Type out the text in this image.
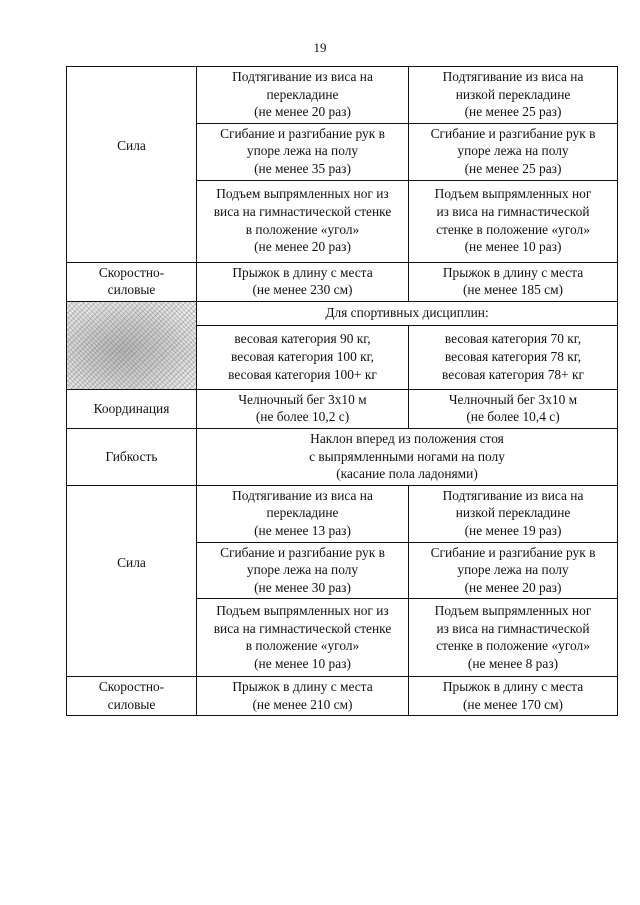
19
Сила	Подтягивание из виса на
перекладине
(не менее 20 раз)	Подтягивание из виса на
низкой перекладине
(не менее 25 раз)

	Сгибание и разгибание рук в
упоре лежа на полу
(не менее 35 раз)	Сгибание и разгибание рук в
упоре лежа на полу
(не менее 25 раз)

	Подъем выпрямленных ног из
виса на гимнастической стенке
в положение «угол»
(не менее 20 раз)	Подъем выпрямленных ног
из виса на гимнастической
стенке в положение «угол»
(не менее 10 раз)

Скоростно-
силовые	Прыжок в длину с места
(не менее 230 см)	Прыжок в длину с места
(не менее 185 см)

	Для спортивных дисциплин:	

	весовая категория 90 кг,
весовая категория 100 кг,
весовая категория 100+ кг	весовая категория 70 кг,
весовая категория 78 кг,
весовая категория 78+ кг

Координация	Челночный бег 3х10 м
(не более 10,2 с)	Челночный бег 3х10 м
(не более 10,4 с)

Гибкость	Наклон вперед из положения стоя
с выпрямленными ногами на полу
(касание пола ладонями)	

Сила	Подтягивание из виса на
перекладине
(не менее 13 раз)	Подтягивание из виса на
низкой перекладине
(не менее 19 раз)

	Сгибание и разгибание рук в
упоре лежа на полу
(не менее 30 раз)	Сгибание и разгибание рук в
упоре лежа на полу
(не менее 20 раз)

	Подъем выпрямленных ног из
виса на гимнастической стенке
в положение «угол»
(не менее 10 раз)	Подъем выпрямленных ног
из виса на гимнастической
стенке в положение «угол»
(не менее 8 раз)

Скоростно-
силовые	Прыжок в длину с места
(не менее 210 см)	Прыжок в длину с места
(не менее 170 см)
